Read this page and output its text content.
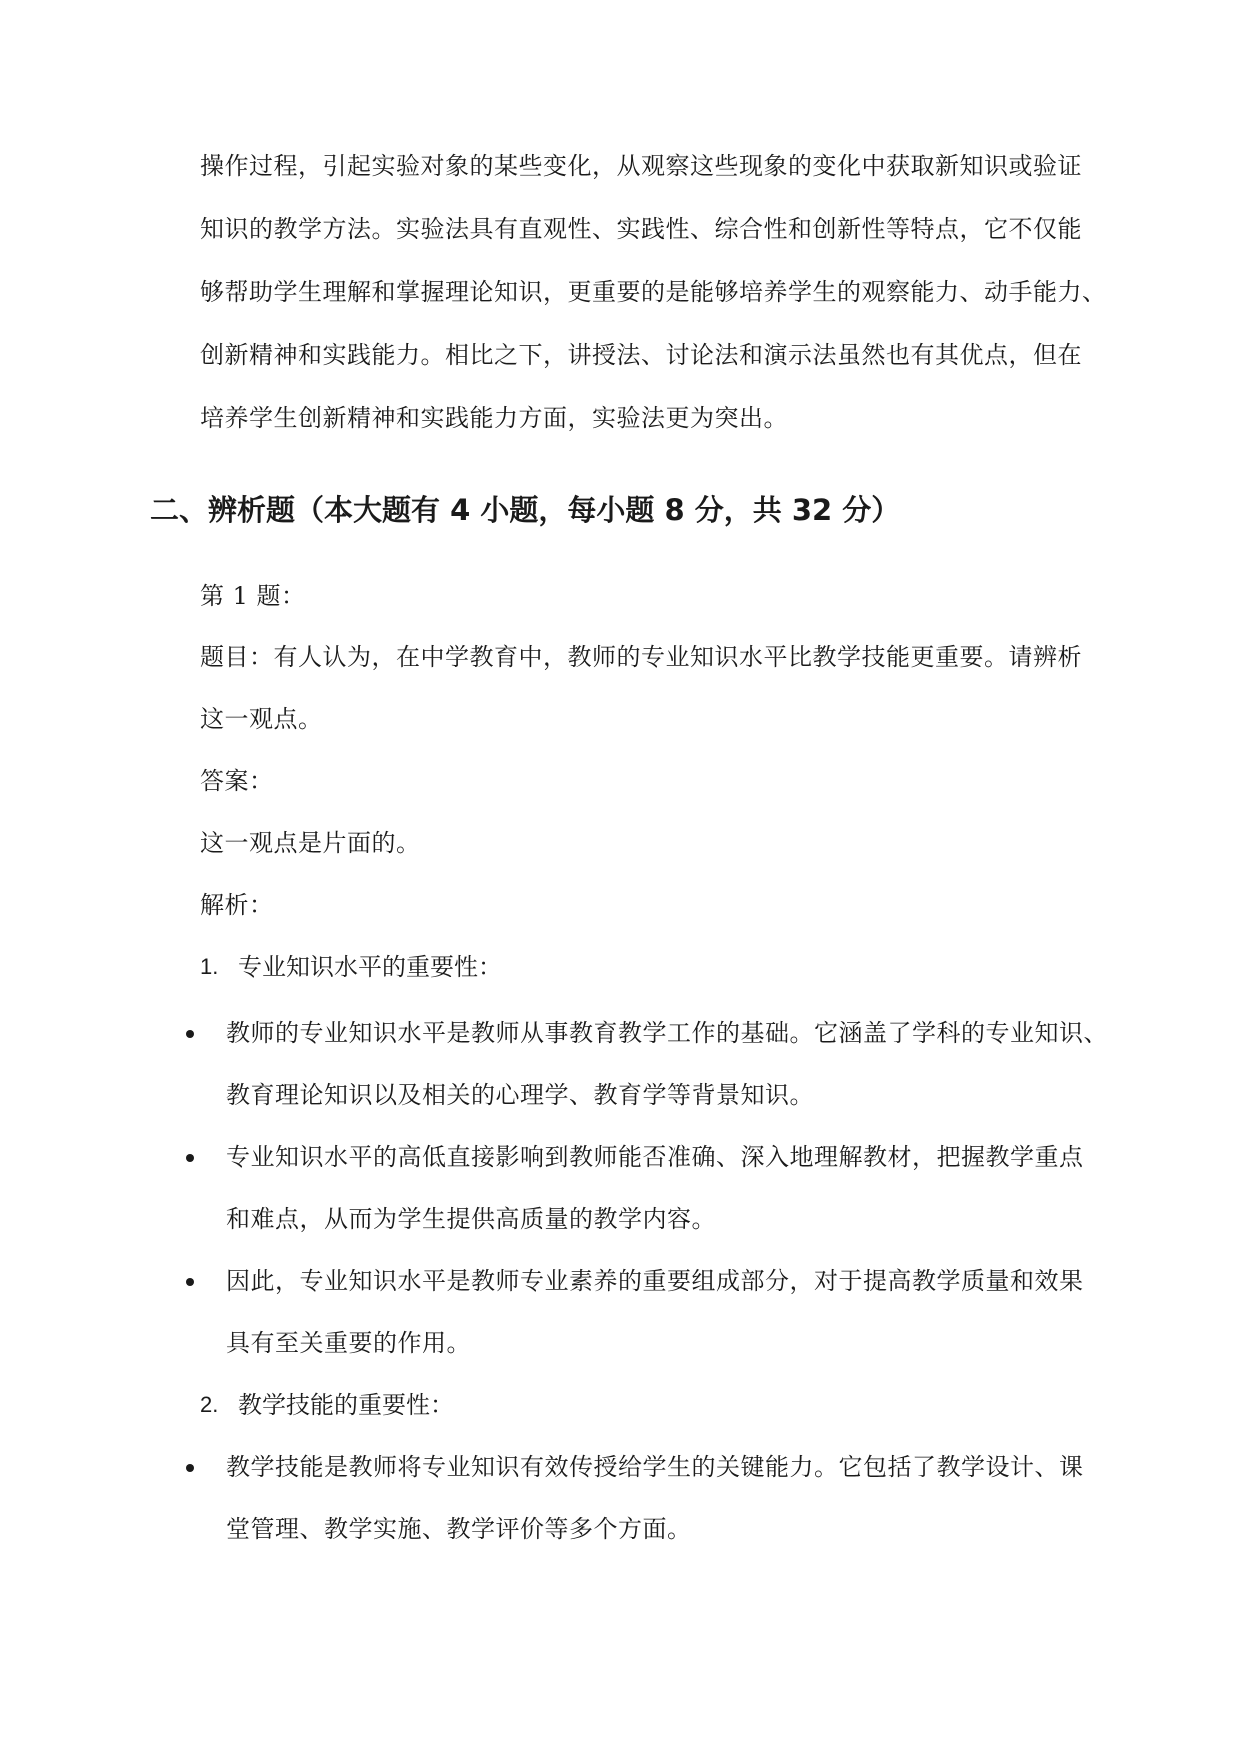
操作过程，引起实验对象的某些变化，从观察这些现象的变化中获取新知识或验证
知识的教学方法。实验法具有直观性、实践性、综合性和创新性等特点，它不仅能
够帮助学生理解和掌握理论知识，更重要的是能够培养学生的观察能力、动手能力、
创新精神和实践能力。相比之下，讲授法、讨论法和演示法虽然也有其优点，但在
培养学生创新精神和实践能力方面，实验法更为突出。
二、辨析题（本大题有 4 小题，每小题 8 分，共 32 分）
第 1 题：
题目：有人认为，在中学教育中，教师的专业知识水平比教学技能更重要。请辨析
这一观点。
答案：
这一观点是片面的。
解析：
1. 专业知识水平的重要性：
教师的专业知识水平是教师从事教育教学工作的基础。它涵盖了学科的专业知识、
教育理论知识以及相关的心理学、教育学等背景知识。
专业知识水平的高低直接影响到教师能否准确、深入地理解教材，把握教学重点
和难点，从而为学生提供高质量的教学内容。
因此，专业知识水平是教师专业素养的重要组成部分，对于提高教学质量和效果
具有至关重要的作用。
2. 教学技能的重要性：
教学技能是教师将专业知识有效传授给学生的关键能力。它包括了教学设计、课
堂管理、教学实施、教学评价等多个方面。
